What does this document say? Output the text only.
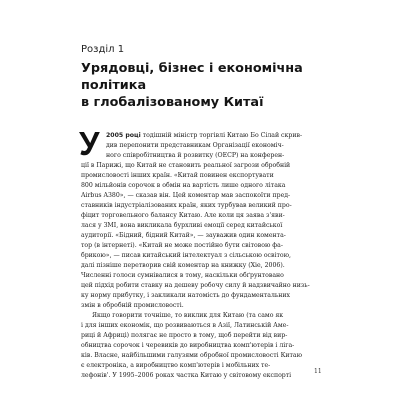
Розділ 1
Урядовці, бізнес і економічна політика
в глобалізованому Китаї
У 2005 році тодішній міністр торгівлі Китаю Бо Сілай скрив-
див перепонити представникам Організації економіч-
ного співробітництва й розвитку (ОЕСР) на конферен-
ції в Парижі, що Китай не становить реальної загрози обробній
промисловості інших країн. «Китай повинен експортувати
800 мільйонів сорочок в обмін на вартість лише одного літака
Airbus A380», — сказав він. Цей коментар мав заспокоїти пред-
ставників індустріалізованих країн, яких турбував великий про-
фіцит торговельного балансу Китаю. Але коли ця заява з'яви-
лася у ЗМІ, вона викликала бурхливі емоції серед китайської
аудиторії. «Бідний, бідний Китай», — зауважив один комента-
тор (в інтернеті). «Китай не може постійно бути світовою фа-
брикою», — писав китайський інтелектуал з сільською освітою,
далі пізніше перетворив свій коментар на книжку (Хіе, 2006).
Численні голоси сумнівалися в тому, наскільки обґрунтовано
цей підхід робити ставку на дешеву робочу силу й надзвичайно низь-
ку норму прибутку, і закликали натомість до фундаментальних
змін в обробній промисловості.
Якщо говорити точніше, то виклик для Китаю (та само як
і для інших економік, що розвиваються в Азії, Латинській Аме-
риці й Африці) полягає не просто в тому, щоб перейти від вир-
обництва сорочок і черевиків до виробництва комп'ютерів і ліга-
ків. Власне, найбільшими галузями обробної промисловості Китаю
є електроніка, а виробництво комп'ютерів і мобільних те-
лефонів'. У 1995–2006 роках частка Китаю у світовому експорті
11
